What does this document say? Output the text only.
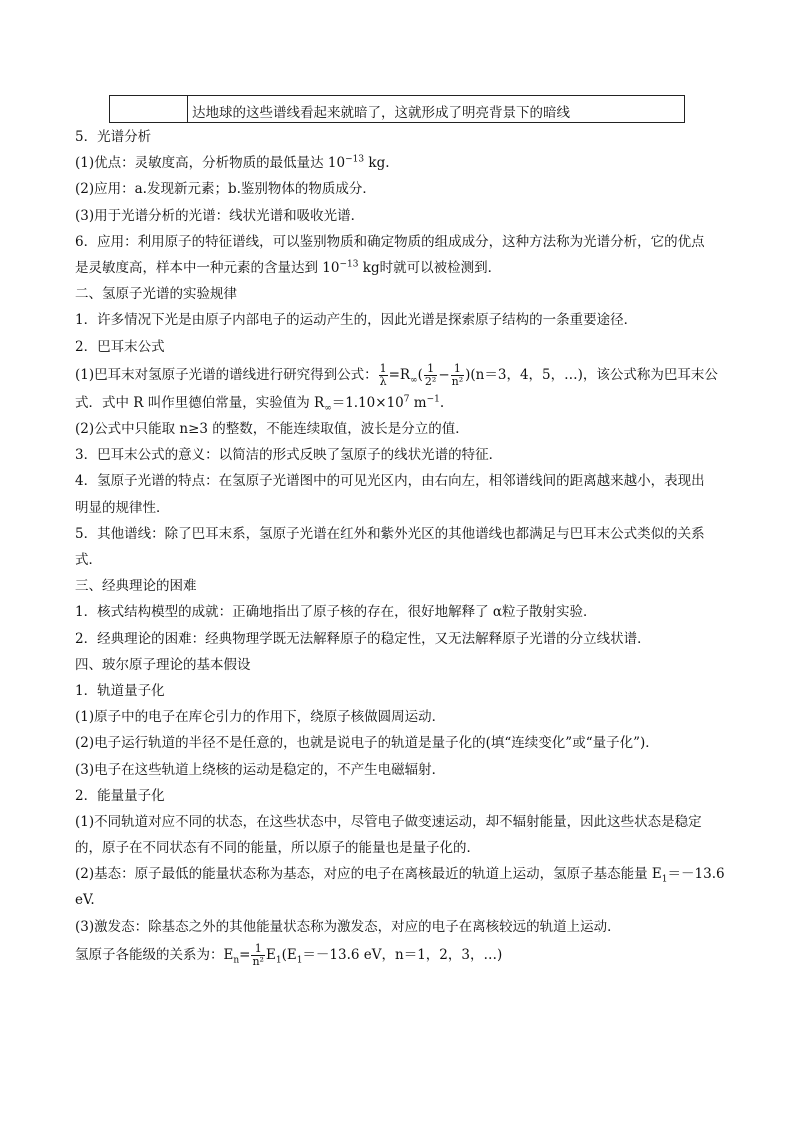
达地球的这些谱线看起来就暗了，这就形成了明亮背景下的暗线
5．光谱分析
(1)优点：灵敏度高，分析物质的最低量达 $10^{-13}$ kg.
(2)应用：a.发现新元素；b.鉴别物体的物质成分．
(3)用于光谱分析的光谱：线状光谱和吸收光谱．
6．应用：利用原子的特征谱线，可以鉴别物质和确定物质的组成成分，这种方法称为光谱分析，它的优点
是灵敏度高，样本中一种元素的含量达到 $10^{-13}$ kg时就可以被检测到．
二、氢原子光谱的实验规律
1．许多情况下光是由原子内部电子的运动产生的，因此光谱是探索原子结构的一条重要途径．
2．巴耳末公式
(1)巴耳末对氢原子光谱的谱线进行研究得到公式： $\frac{1}{\lambda} =R_\infty( \frac{1}{\text{2²}} - \frac{1}{\text{n²}} )(n=3$，4，5，…)，该公式称为巴耳末公
式．式中 R 叫作里德伯常量，实验值为 $R_\infty=1.10\times 10^7$ $m^{-1}$.
(2)公式中只能取 n≥3 的整数，不能连续取值，波长是分立的值．
3．巴耳末公式的意义：以简洁的形式反映了氢原子的线状光谱的特征．
4．氢原子光谱的特点：在氢原子光谱图中的可见光区内，由右向左，相邻谱线间的距离越来越小，表现出
明显的规律性．
5．其他谱线：除了巴耳末系，氢原子光谱在红外和紫外光区的其他谱线也都满足与巴耳末公式类似的关系
式．
三、经典理论的困难
1．核式结构模型的成就：正确地指出了原子核的存在，很好地解释了 α粒子散射实验．
2．经典理论的困难：经典物理学既无法解释原子的稳定性，又无法解释原子光谱的分立线状谱．
四、玻尔原子理论的基本假设
1．轨道量子化
(1)原子中的电子在库仑引力的作用下，绕原子核做圆周运动．
(2)电子运行轨道的半径不是任意的，也就是说电子的轨道是量子化的(填“连续变化”或“量子化”)．
(3)电子在这些轨道上绕核的运动是稳定的，不产生电磁辐射．
2．能量量子化
(1)不同轨道对应不同的状态，在这些状态中，尽管电子做变速运动，却不辐射能量，因此这些状态是稳定
的，原子在不同状态有不同的能量，所以原子的能量也是量子化的．
(2)基态：原子最低的能量状态称为基态，对应的电子在离核最近的轨道上运动，氢原子基态能量 $E_1=-13.6$
eV.
(3)激发态：除基态之外的其他能量状态称为激发态，对应的电子在离核较远的轨道上运动．
氢原子各能级的关系为：$E_n= \frac{1}{\text{n²}} E_1(E_1=-13.6$ eV，n＝1，2，3，…)
